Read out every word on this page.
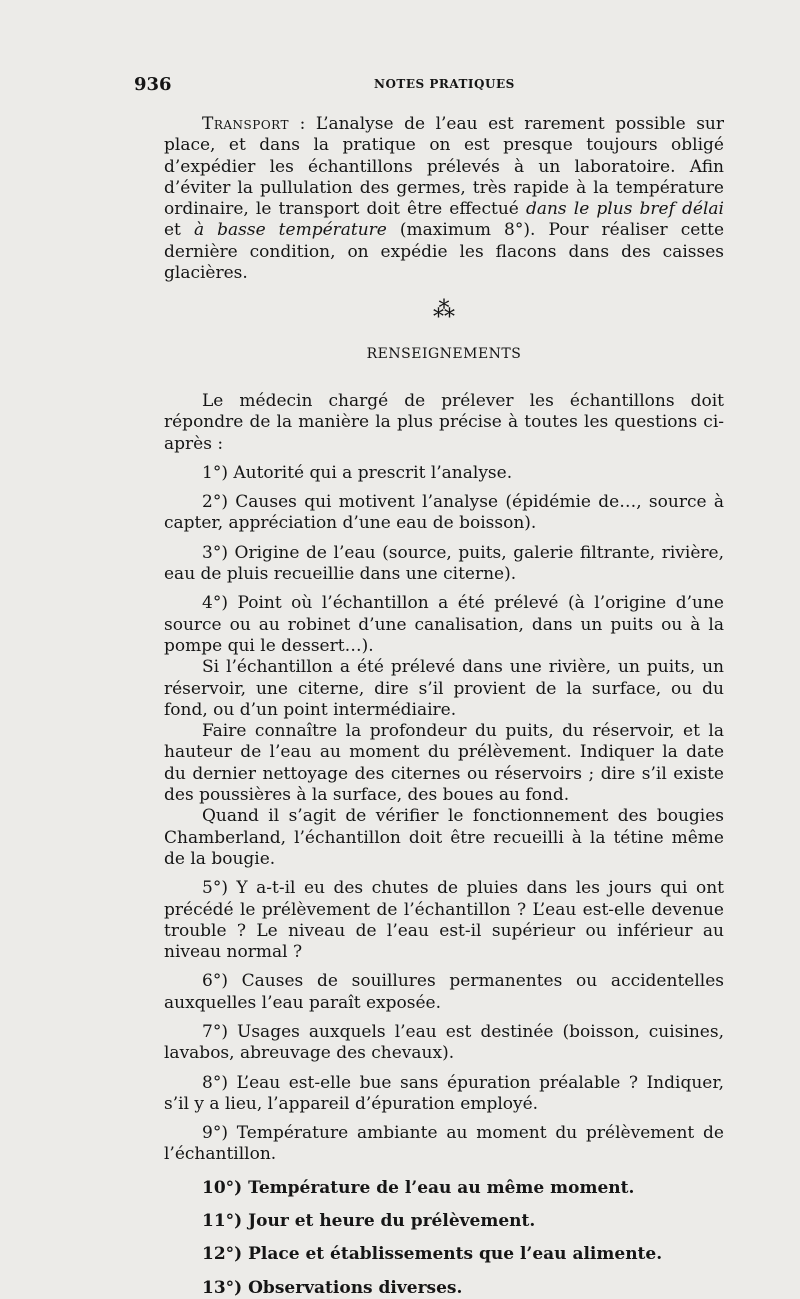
936	NOTES PRATIQUES

Transport : L’analyse de l’eau est rarement possible sur place, et dans la pratique on est presque toujours obligé d’expédier les échantillons prélevés à un laboratoire. Afin d’éviter la pullulation des germes, très rapide à la température ordinaire, le transport doit être effectué dans le plus bref délai et à basse température (maximum 8°). Pour réaliser cette dernière condition, on expédie les flacons dans des caisses glacières.

⁂
RENSEIGNEMENTS

Le médecin chargé de prélever les échantillons doit répondre de la manière la plus précise à toutes les questions ci-après :

1°) Autorité qui a prescrit l’analyse.

2°) Causes qui motivent l’analyse (épidémie de…, source à capter, appréciation d’une eau de boisson).

3°) Origine de l’eau (source, puits, galerie filtrante, rivière, eau de pluis recueillie dans une citerne).

4°) Point où l’échantillon a été prélevé (à l’origine d’une source ou au robinet d’une canalisation, dans un puits ou à la pompe qui le dessert…).

Si l’échantillon a été prélevé dans une rivière, un puits, un réservoir, une citerne, dire s’il provient de la surface, ou du fond, ou d’un point intermédiaire.

Faire connaître la profondeur du puits, du réservoir, et la hauteur de l’eau au moment du prélèvement. Indiquer la date du dernier nettoyage des citernes ou réservoirs ; dire s’il existe des poussières à la surface, des boues au fond.

Quand il s’agit de vérifier le fonctionnement des bougies Chamberland, l’échantillon doit être recueilli à la tétine même de la bougie.

5°) Y a-t-il eu des chutes de pluies dans les jours qui ont précédé le prélèvement de l’échantillon ? L’eau est-elle devenue trouble ? Le niveau de l’eau est-il supérieur ou inférieur au niveau normal ?

6°) Causes de souillures permanentes ou accidentelles auxquelles l’eau paraît exposée.

7°) Usages auxquels l’eau est destinée (boisson, cuisines, lavabos, abreuvage des chevaux).

8°) L’eau est-elle bue sans épuration préalable ? Indiquer, s’il y a lieu, l’appareil d’épuration employé.

9°) Température ambiante au moment du prélèvement de l’échantillon.

10°) Température de l’eau au même moment.

11°) Jour et heure du prélèvement.

12°) Place et établissements que l’eau alimente.

13°) Observations diverses.
